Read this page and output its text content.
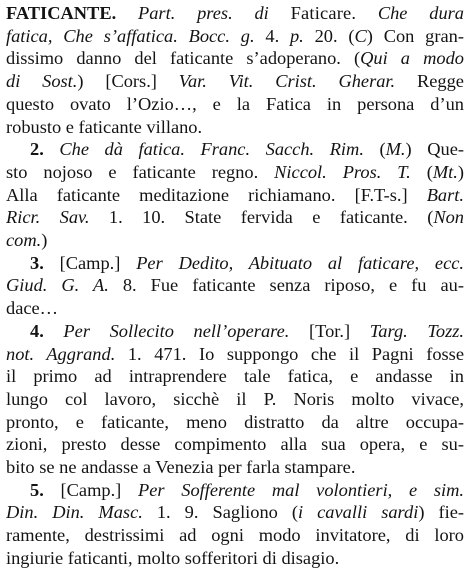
FATICANTE. Part. pres. di Faticare. Che dura
fatica, Che s’affatica. Bocc. g. 4. p. 20. (C) Con gran-
dissimo danno del faticante s’adoperano. (Qui a modo
di Sost.) [Cors.] Var. Vit. Crist. Gherar. Regge
questo ovato l’Ozio…, e la Fatica in persona d’un
robusto e faticante villano.
2. Che dà fatica. Franc. Sacch. Rim. (M.) Que-
sto nojoso e faticante regno. Niccol. Pros. T. (Mt.)
Alla faticante meditazione richiamano. [F.T-s.] Bart.
Ricr. Sav. 1. 10. State fervida e faticante. (Non
com.)
3. [Camp.] Per Dedito, Abituato al faticare, ecc.
Giud. G. A. 8. Fue faticante senza riposo, e fu au-
dace…
4. Per Sollecito nell’operare. [Tor.] Targ. Tozz.
not. Aggrand. 1. 471. Io suppongo che il Pagni fosse
il primo ad intraprendere tale fatica, e andasse in
lungo col lavoro, sicchè il P. Noris molto vivace,
pronto, e faticante, meno distratto da altre occupa-
zioni, presto desse compimento alla sua opera, e su-
bito se ne andasse a Venezia per farla stampare.
5. [Camp.] Per Sofferente mal volontieri, e sim.
Din. Din. Masc. 1. 9. Sagliono (i cavalli sardi) fie-
ramente, destrissimi ad ogni modo invitatore, di loro
ingiurie faticanti, molto sofferitori di disagio.
